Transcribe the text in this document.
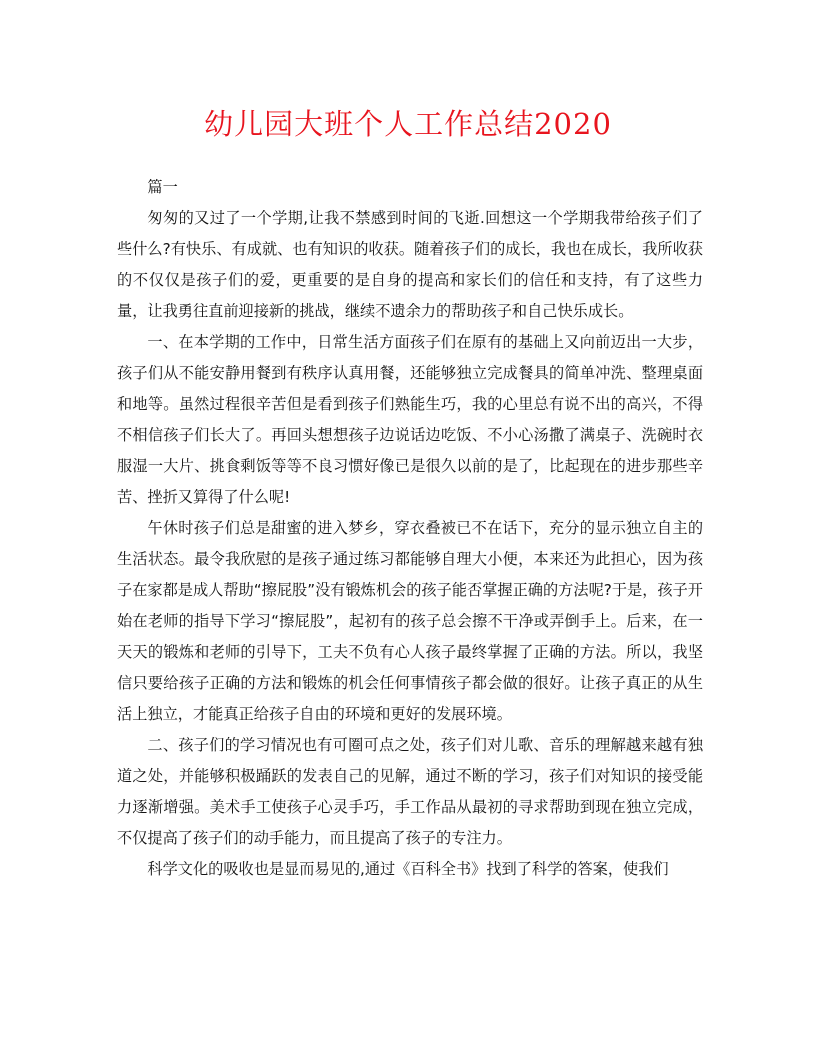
幼儿园大班个人工作总结2020

篇一

匆匆的又过了一个学期,让我不禁感到时间的飞逝.回想这一个学期我带给孩子们了些什么?有快乐、有成就、也有知识的收获。随着孩子们的成长，我也在成长，我所收获的不仅仅是孩子们的爱，更重要的是自身的提高和家长们的信任和支持，有了这些力量，让我勇往直前迎接新的挑战，继续不遗余力的帮助孩子和自己快乐成长。

一、在本学期的工作中，日常生活方面孩子们在原有的基础上又向前迈出一大步，孩子们从不能安静用餐到有秩序认真用餐，还能够独立完成餐具的简单冲洗、整理桌面和地等。虽然过程很辛苦但是看到孩子们熟能生巧，我的心里总有说不出的高兴，不得不相信孩子们长大了。再回头想想孩子边说话边吃饭、不小心汤撒了满桌子、洗碗时衣服湿一大片、挑食剩饭等等不良习惯好像已是很久以前的是了，比起现在的进步那些辛苦、挫折又算得了什么呢!

午休时孩子们总是甜蜜的进入梦乡，穿衣叠被已不在话下，充分的显示独立自主的生活状态。最令我欣慰的是孩子通过练习都能够自理大小便，本来还为此担心，因为孩子在家都是成人帮助“擦屁股”没有锻炼机会的孩子能否掌握正确的方法呢?于是，孩子开始在老师的指导下学习“擦屁股”，起初有的孩子总会擦不干净或弄倒手上。后来，在一天天的锻炼和老师的引导下，工夫不负有心人孩子最终掌握了正确的方法。所以，我坚信只要给孩子正确的方法和锻炼的机会任何事情孩子都会做的很好。让孩子真正的从生活上独立，才能真正给孩子自由的环境和更好的发展环境。

二、孩子们的学习情况也有可圈可点之处，孩子们对儿歌、音乐的理解越来越有独道之处，并能够积极踊跃的发表自己的见解，通过不断的学习，孩子们对知识的接受能力逐渐增强。美术手工使孩子心灵手巧，手工作品从最初的寻求帮助到现在独立完成，不仅提高了孩子们的动手能力，而且提高了孩子的专注力。

科学文化的吸收也是显而易见的,通过《百科全书》找到了科学的答案，使我们
